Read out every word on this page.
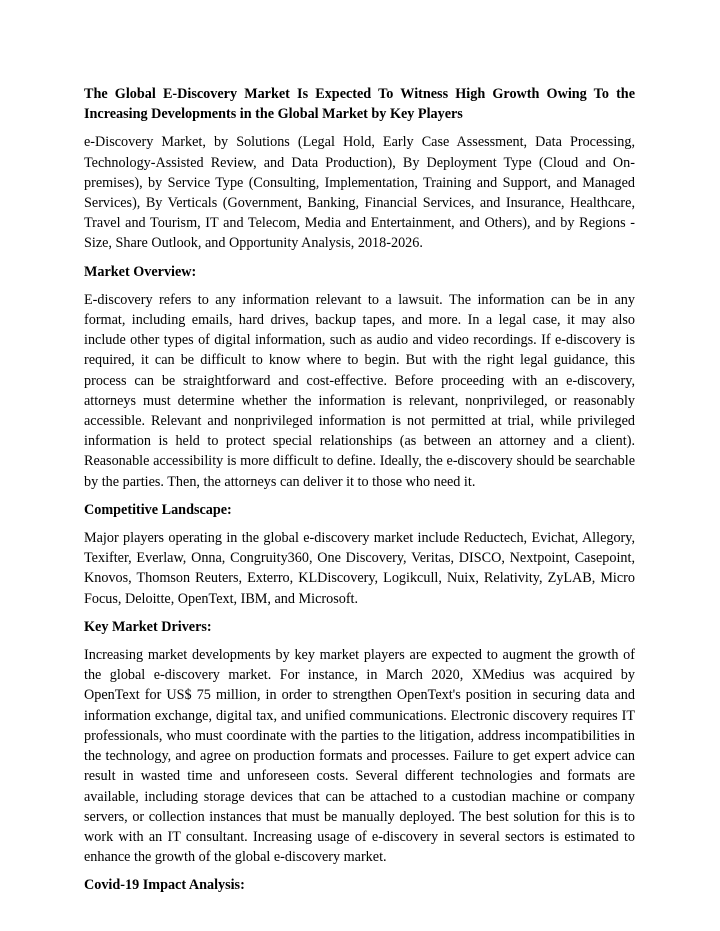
The Global E-Discovery Market Is Expected To Witness High Growth Owing To the Increasing Developments in the Global Market by Key Players

e-Discovery Market, by Solutions (Legal Hold, Early Case Assessment, Data Processing, Technology-Assisted Review, and Data Production), By Deployment Type (Cloud and On-premises), by Service Type (Consulting, Implementation, Training and Support, and Managed Services), By Verticals (Government, Banking, Financial Services, and Insurance, Healthcare, Travel and Tourism, IT and Telecom, Media and Entertainment, and Others), and by Regions - Size, Share Outlook, and Opportunity Analysis, 2018-2026.

Market Overview:

E-discovery refers to any information relevant to a lawsuit. The information can be in any format, including emails, hard drives, backup tapes, and more. In a legal case, it may also include other types of digital information, such as audio and video recordings. If e-discovery is required, it can be difficult to know where to begin. But with the right legal guidance, this process can be straightforward and cost-effective. Before proceeding with an e-discovery, attorneys must determine whether the information is relevant, nonprivileged, or reasonably accessible. Relevant and nonprivileged information is not permitted at trial, while privileged information is held to protect special relationships (as between an attorney and a client). Reasonable accessibility is more difficult to define. Ideally, the e-discovery should be searchable by the parties. Then, the attorneys can deliver it to those who need it.

Competitive Landscape:

Major players operating in the global e-discovery market include Reductech, Evichat, Allegory, Texifter, Everlaw, Onna, Congruity360, One Discovery, Veritas, DISCO, Nextpoint, Casepoint, Knovos, Thomson Reuters, Exterro, KLDiscovery, Logikcull, Nuix, Relativity, ZyLAB, Micro Focus, Deloitte, OpenText, IBM, and Microsoft.

Key Market Drivers:

Increasing market developments by key market players are expected to augment the growth of the global e-discovery market. For instance, in March 2020, XMedius was acquired by OpenText for US$ 75 million, in order to strengthen OpenText's position in securing data and information exchange, digital tax, and unified communications. Electronic discovery requires IT professionals, who must coordinate with the parties to the litigation, address incompatibilities in the technology, and agree on production formats and processes. Failure to get expert advice can result in wasted time and unforeseen costs. Several different technologies and formats are available, including storage devices that can be attached to a custodian machine or company servers, or collection instances that must be manually deployed. The best solution for this is to work with an IT consultant. Increasing usage of e-discovery in several sectors is estimated to enhance the growth of the global e-discovery market.

Covid-19 Impact Analysis:
